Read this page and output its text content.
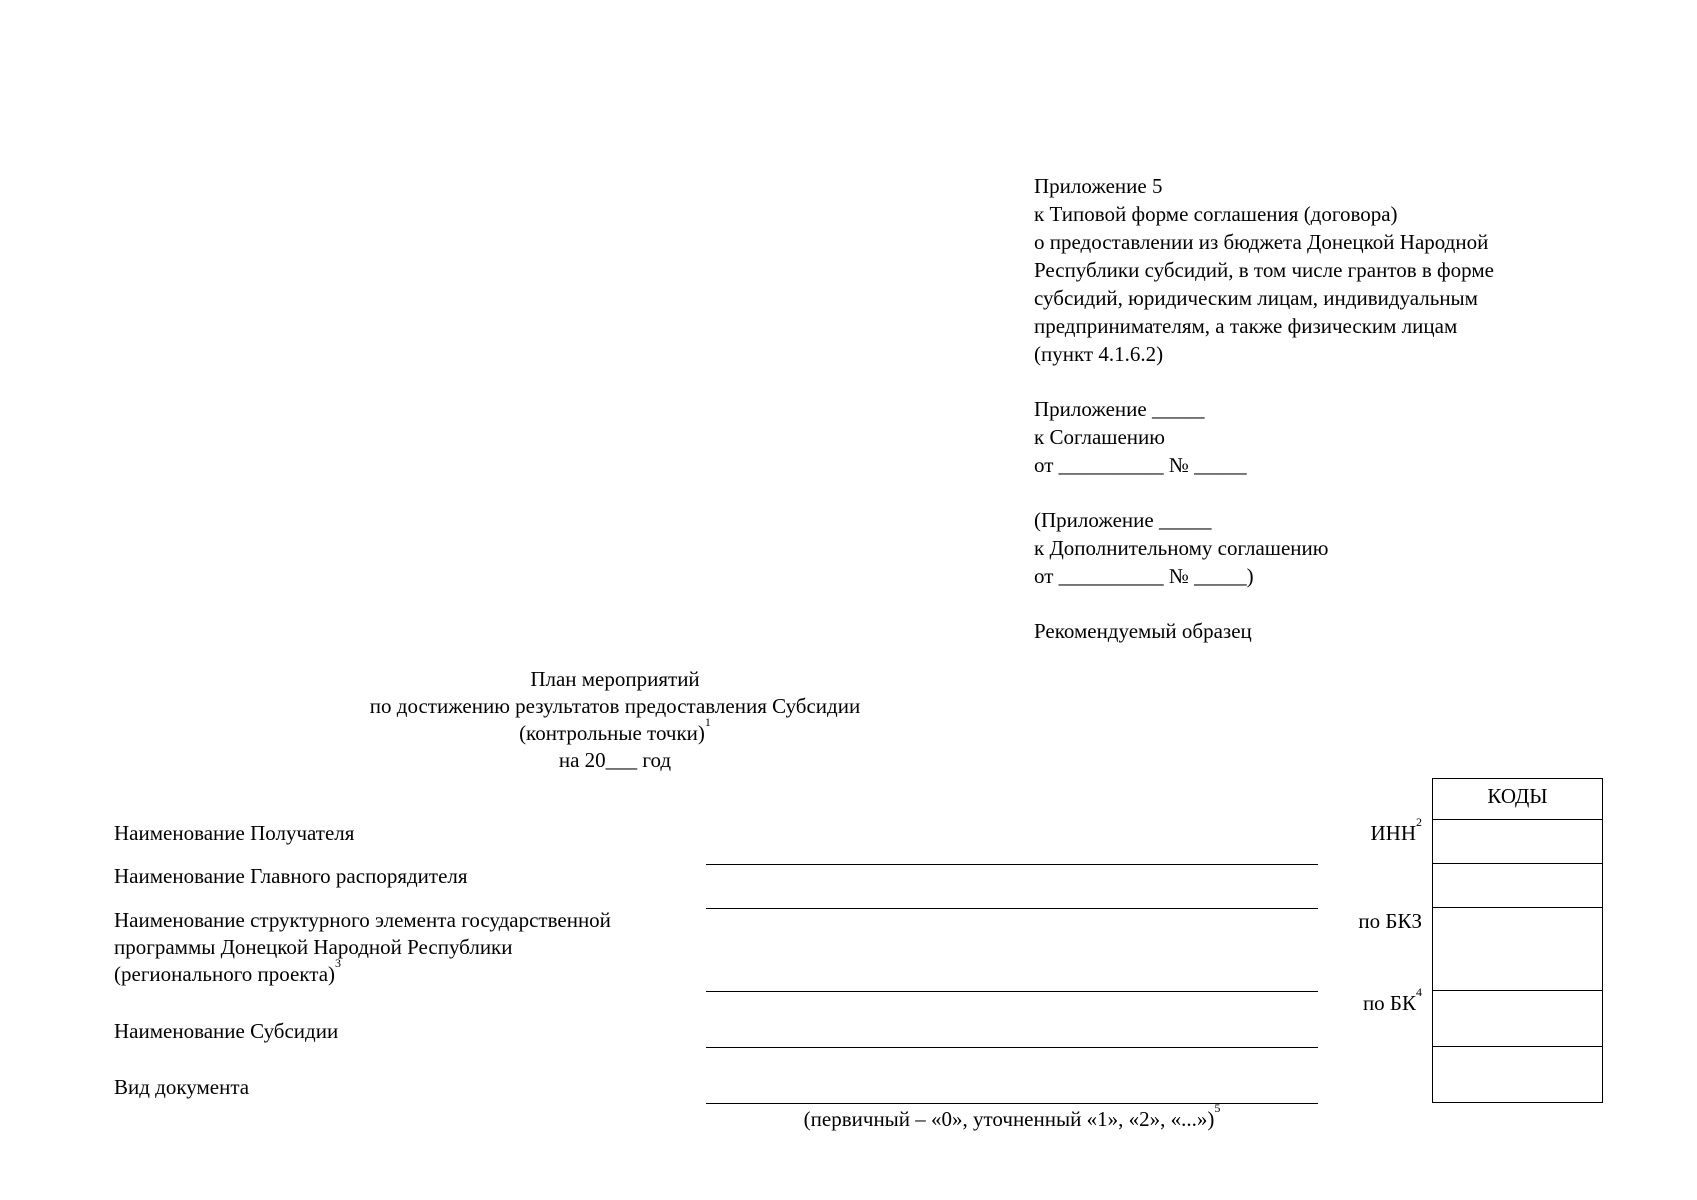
Приложение 5
к Типовой форме соглашения (договора)
о предоставлении из бюджета Донецкой Народной
Республики субсидий, в том числе грантов в форме
субсидий, юридическим лицам, индивидуальным
предпринимателям, а также физическим лицам
(пункт 4.1.6.2)
Приложение _____
к Соглашению
от __________ № _____
(Приложение _____
к Дополнительному соглашению
от __________ № _____)
Рекомендуемый образец
План мероприятий
по достижению результатов предоставления Субсидии
(контрольные точки)$^1$
на 20___ год
Наименование Получателя
Наименование Главного распорядителя
Наименование структурного элемента государственной
программы Донецкой Народной Республики
(регионального проекта)$^3$
Наименование Субсидии
Вид документа
(первичный – «0», уточненный «1», «2», «...»)$^5$
ИНН$^2$
по БКЗ
по БК$^4$
КОДЫ
